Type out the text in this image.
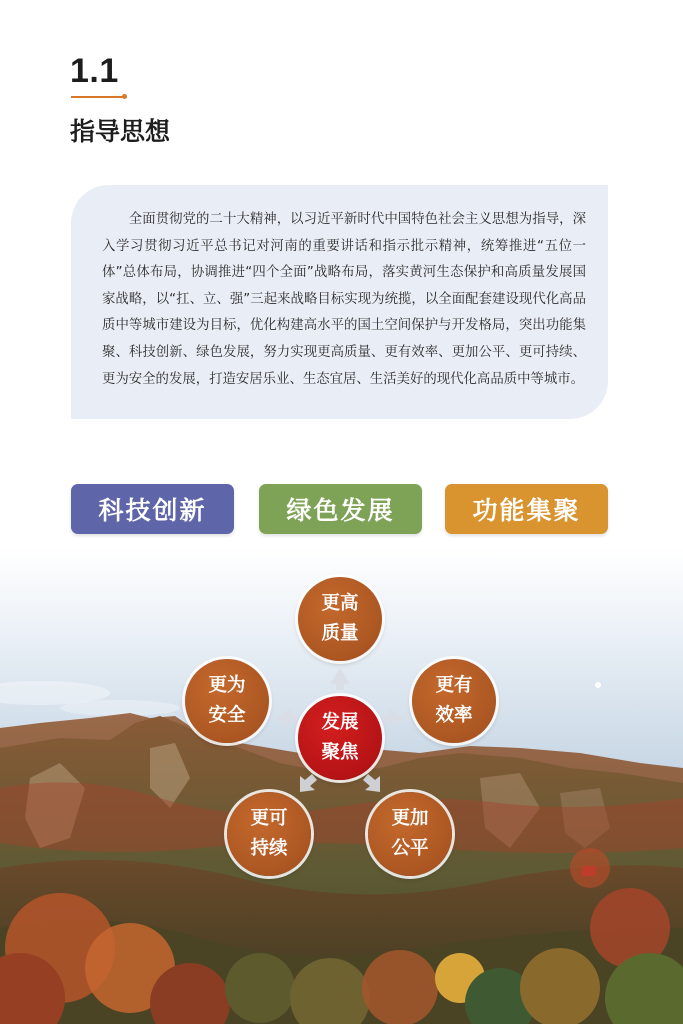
1.1
指导思想

全面贯彻党的二十大精神，以习近平新时代中国特色社会主义思想为指导，深入学习贯彻习近平总书记对河南的重要讲话和指示批示精神，统筹推进“五位一体”总体布局，协调推进“四个全面”战略布局，落实黄河生态保护和高质量发展国家战略，以“扛、立、强”三起来战略目标实现为统揽，以全面配套建设现代化高品质中等城市建设为目标，优化构建高水平的国土空间保护与开发格局，突出功能集聚、科技创新、绿色发展，努力实现更高质量、更有效率、更加公平、更可持续、更为安全的发展，打造安居乐业、生态宜居、生活美好的现代化高品质中等城市。

科技创新	绿色发展	功能集聚
更高质量
更有效率
更为安全
更可持续
更加公平
发展聚焦
